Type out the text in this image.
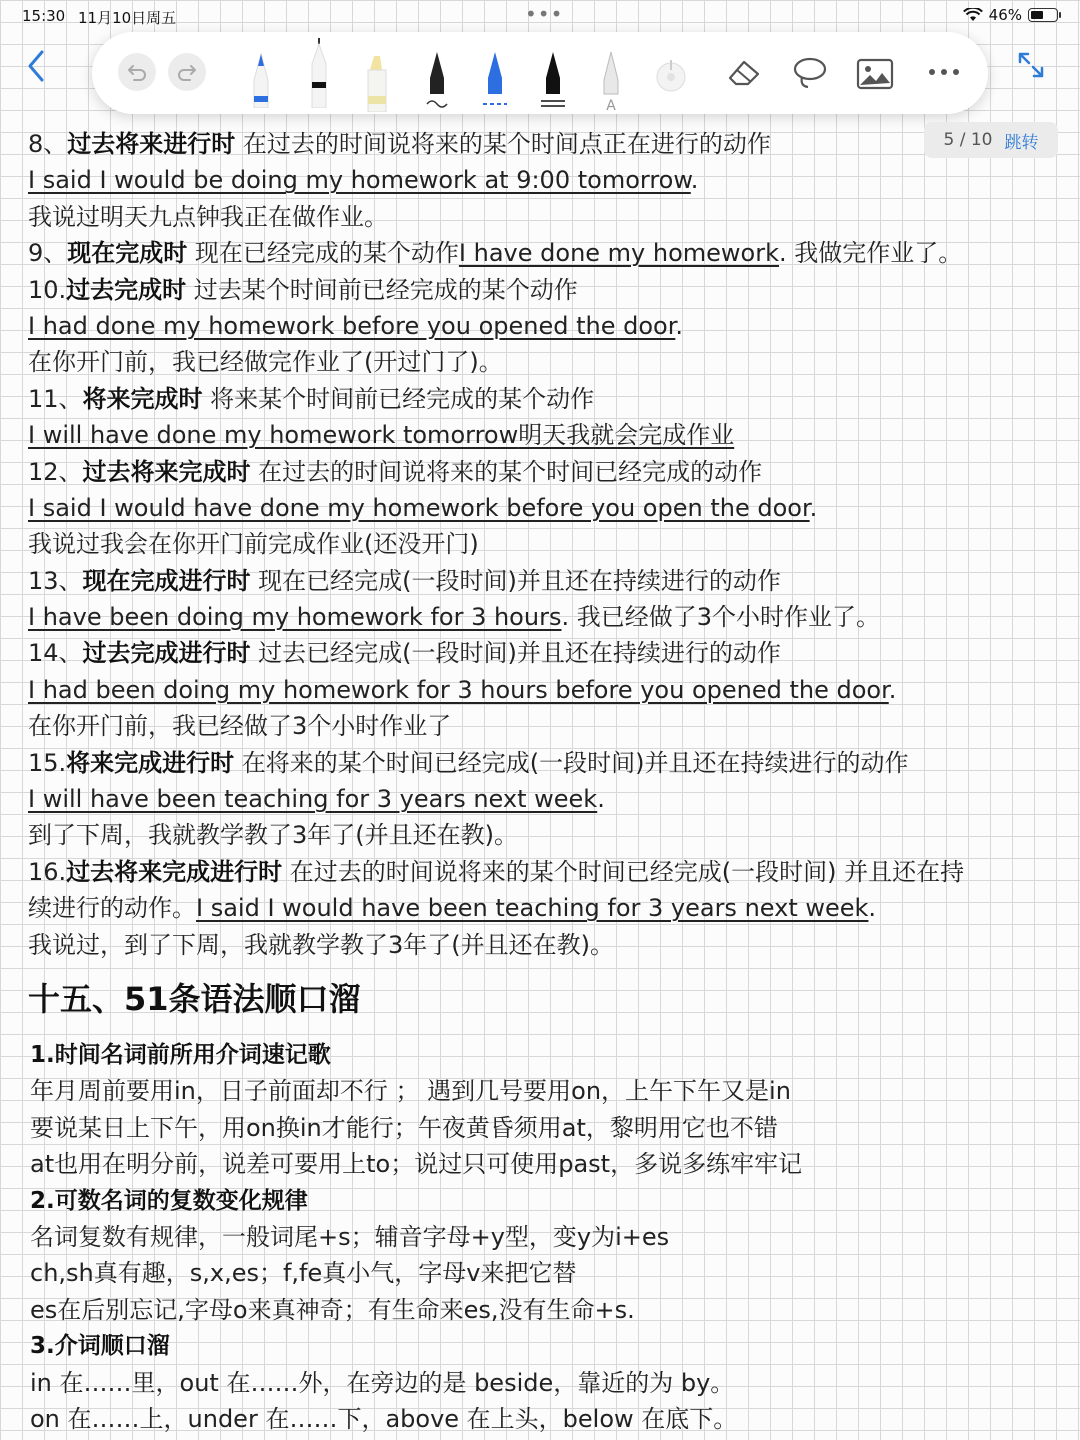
15:30 11月10日周五	•••	46%
A
5 / 10 跳转
8、过去将来进行时 在过去的时间说将来的某个时间点正在进行的动作
I said I would be doing my homework at 9:00 tomorrow.
我说过明天九点钟我正在做作业。
9、现在完成时 现在已经完成的某个动作I have done my homework. 我做完作业了。
10.过去完成时 过去某个时间前已经完成的某个动作
I had done my homework before you opened the door.
在你开门前，我已经做完作业了(开过门了)。
11、将来完成时 将来某个时间前已经完成的某个动作
I will have done my homework tomorrow明天我就会完成作业
12、过去将来完成时 在过去的时间说将来的某个时间已经完成的动作
I said I would have done my homework before you open the door.
我说过我会在你开门前完成作业(还没开门)
13、现在完成进行时 现在已经完成(一段时间)并且还在持续进行的动作
I have been doing my homework for 3 hours. 我已经做了3个小时作业了。
14、过去完成进行时 过去已经完成(一段时间)并且还在持续进行的动作
I had been doing my homework for 3 hours before you opened the door.
在你开门前，我已经做了3个小时作业了
15.将来完成进行时 在将来的某个时间已经完成(一段时间)并且还在持续进行的动作
I will have been teaching for 3 years next week.
到了下周，我就教学教了3年了(并且还在教)。
16.过去将来完成进行时 在过去的时间说将来的某个时间已经完成(一段时间) 并且还在持
续进行的动作。I said I would have been teaching for 3 years next week.
我说过，到了下周，我就教学教了3年了(并且还在教)。
十五、51条语法顺口溜
1.时间名词前所用介词速记歌
年月周前要用in，日子前面却不行 ； 遇到几号要用on，上午下午又是in
要说某日上下午，用on换in才能行；午夜黄昏须用at，黎明用它也不错
at也用在明分前，说差可要用上to；说过只可使用past，多说多练牢牢记
2.可数名词的复数变化规律
名词复数有规律，一般词尾+s；辅音字母+y型，变y为i+es
ch,sh真有趣，s,x,es；f,fe真小气，字母v来把它替
es在后别忘记,字母o来真神奇；有生命来es,没有生命+s.
3.介词顺口溜
in 在……里，out 在……外，在旁边的是 beside，靠近的为 by。
on 在……上，under 在……下，above 在上头，below 在底下。
